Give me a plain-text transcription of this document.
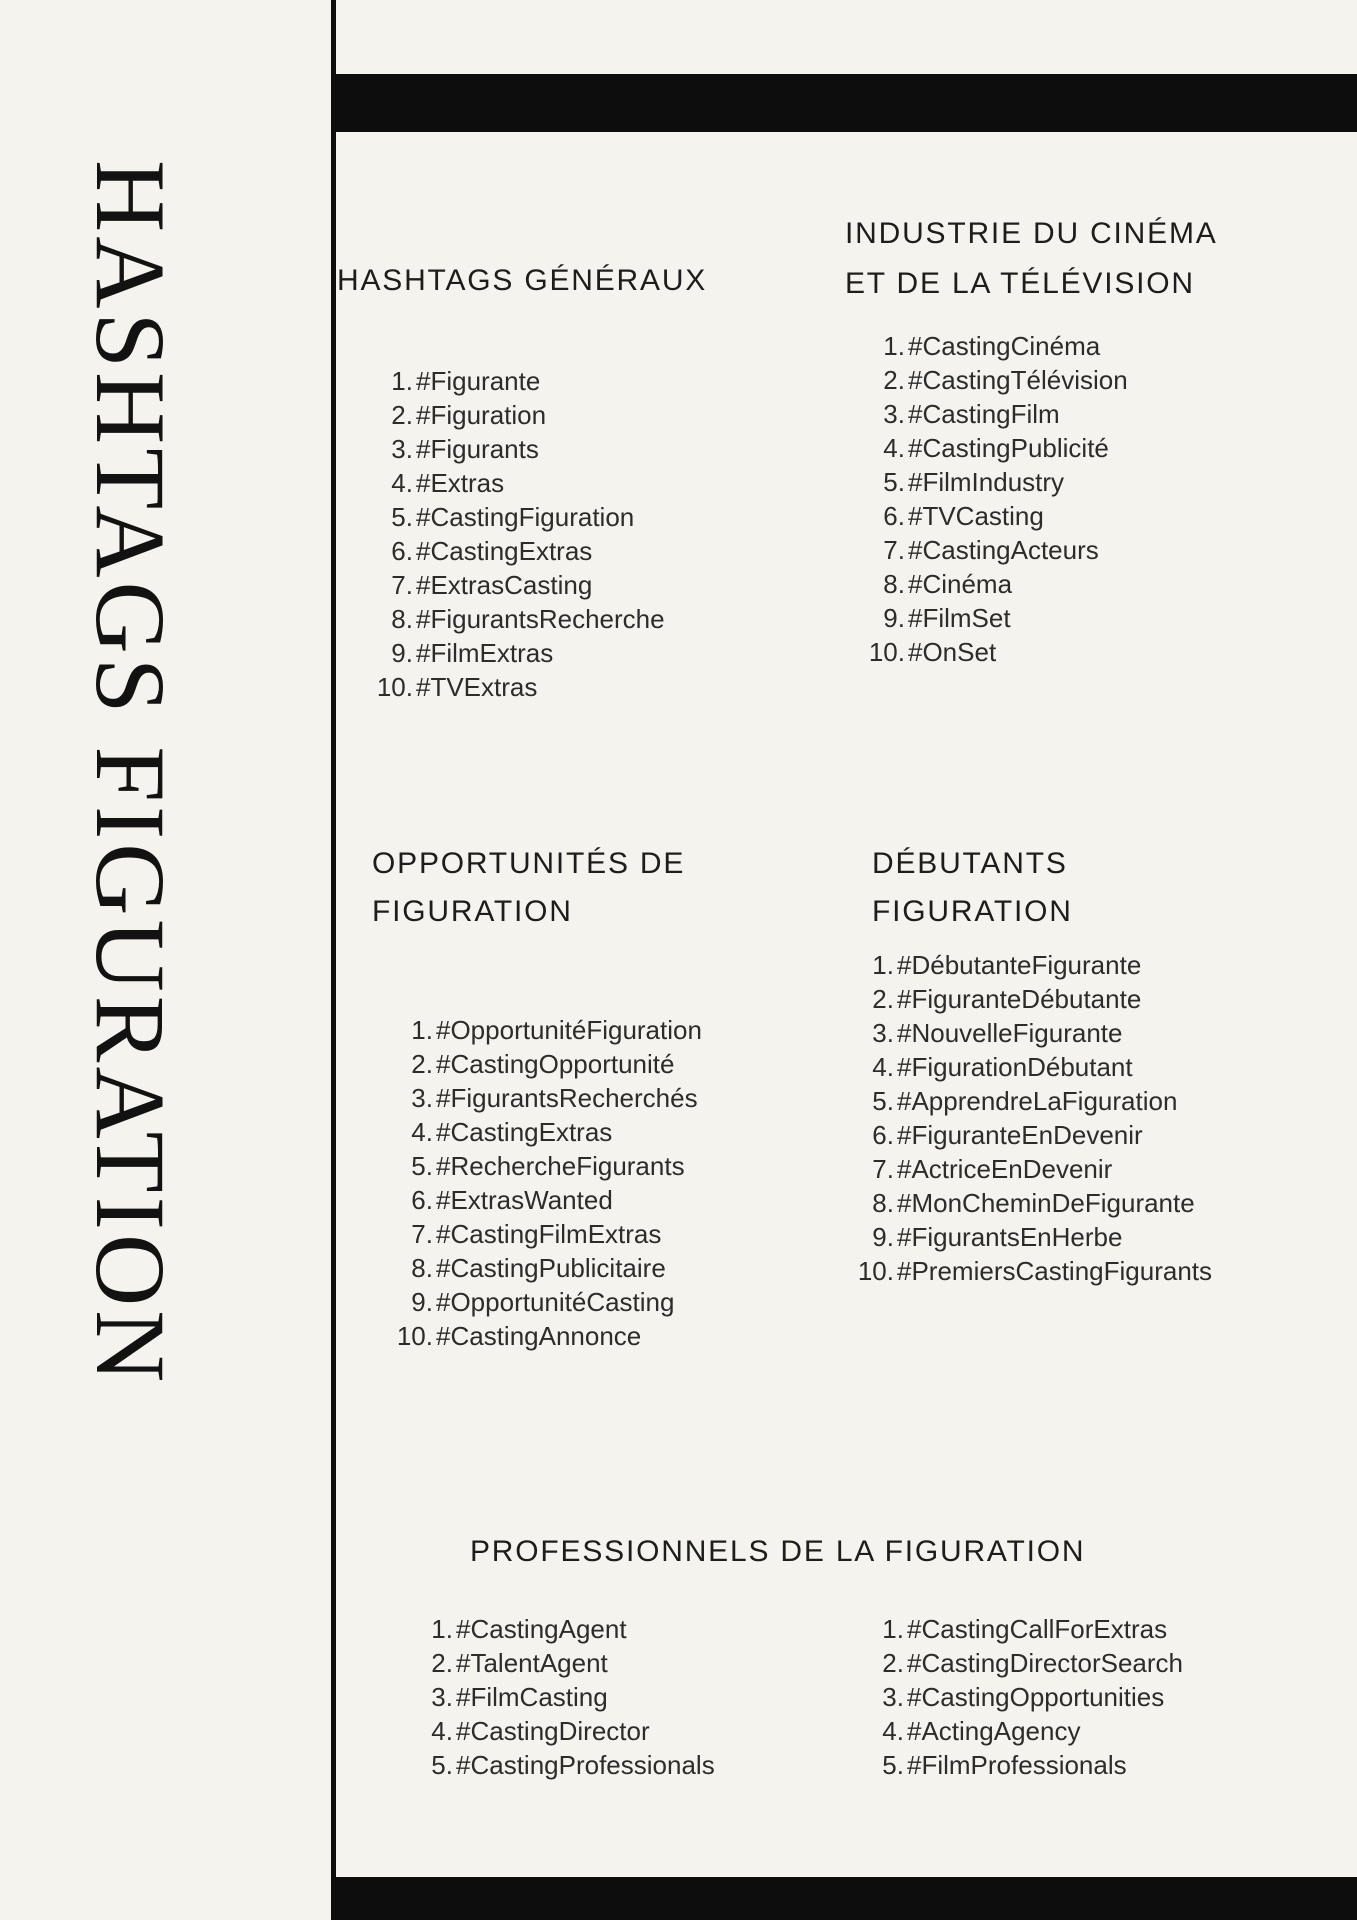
HASHTAGS FIGURATION	HASHTAGS GÉNÉRAUX
INDUSTRIE DU CINÉMA
ET DE LA TÉLÉVISION
#Figurante
#Figuration
#Figurants
#Extras
#CastingFiguration
#CastingExtras
#ExtrasCasting
#FigurantsRecherche
#FilmExtras
#TVExtras
#CastingCinéma
#CastingTélévision
#CastingFilm
#CastingPublicité
#FilmIndustry
#TVCasting
#CastingActeurs
#Cinéma
#FilmSet
#OnSet
OPPORTUNITÉS DE
FIGURATION
DÉBUTANTS
FIGURATION
#OpportunitéFiguration
#CastingOpportunité
#FigurantsRecherchés
#CastingExtras
#RechercheFigurants
#ExtrasWanted
#CastingFilmExtras
#CastingPublicitaire
#OpportunitéCasting
#CastingAnnonce
#DébutanteFigurante
#FiguranteDébutante
#NouvelleFigurante
#FigurationDébutant
#ApprendreLaFiguration
#FiguranteEnDevenir
#ActriceEnDevenir
#MonCheminDeFigurante
#FigurantsEnHerbe
#PremiersCastingFigurants
PROFESSIONNELS DE LA FIGURATION
#CastingAgent
#TalentAgent
#FilmCasting
#CastingDirector
#CastingProfessionals
#CastingCallForExtras
#CastingDirectorSearch
#CastingOpportunities
#ActingAgency
#FilmProfessionals
